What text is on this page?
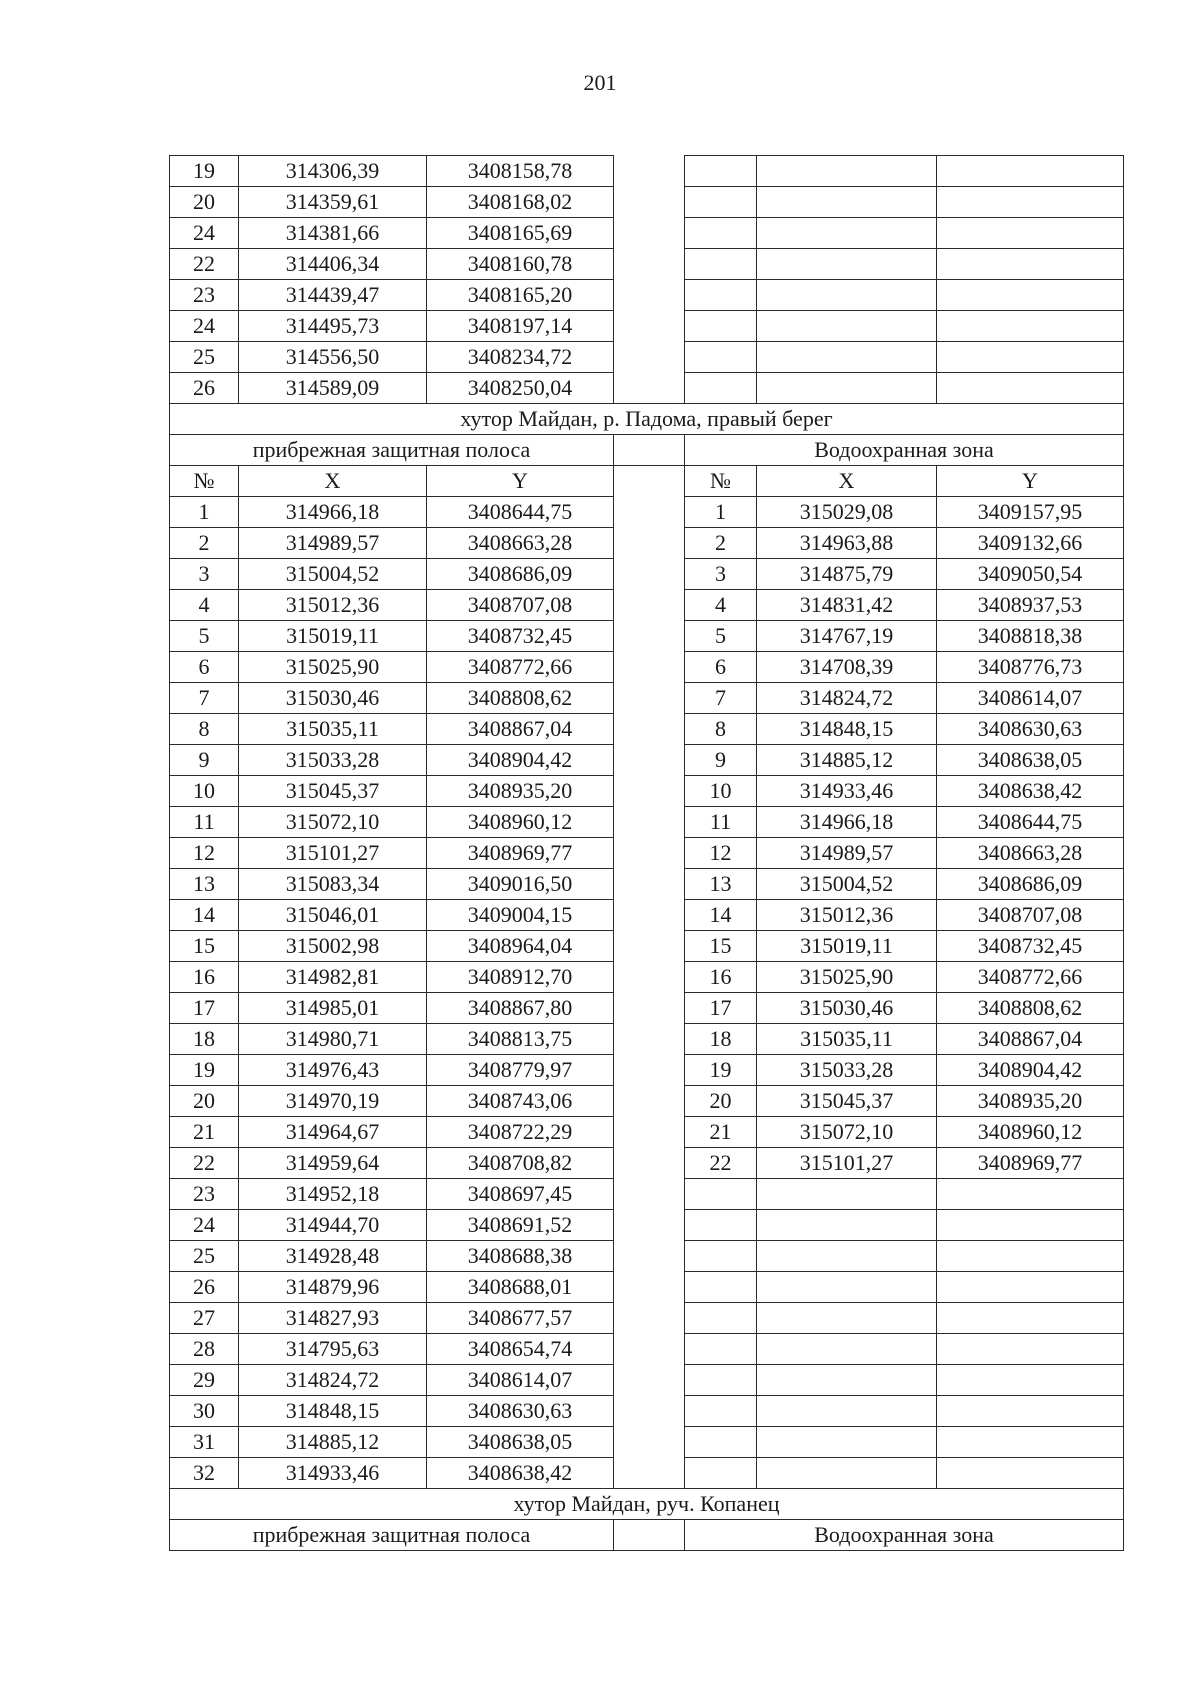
201
19	314306,39	3408158,78				
20	314359,61	3408168,02				
24	314381,66	3408165,69				
22	314406,34	3408160,78				
23	314439,47	3408165,20				
24	314495,73	3408197,14				
25	314556,50	3408234,72				
26	314589,09	3408250,04				
хутор Майдан, р. Падома, правый берег						
прибрежная защитная полоса				Водоохранная зона		
№	X	Y		№	X	Y
1	314966,18	3408644,75		1	315029,08	3409157,95
2	314989,57	3408663,28		2	314963,88	3409132,66
3	315004,52	3408686,09		3	314875,79	3409050,54
4	315012,36	3408707,08		4	314831,42	3408937,53
5	315019,11	3408732,45		5	314767,19	3408818,38
6	315025,90	3408772,66		6	314708,39	3408776,73
7	315030,46	3408808,62		7	314824,72	3408614,07
8	315035,11	3408867,04		8	314848,15	3408630,63
9	315033,28	3408904,42		9	314885,12	3408638,05
10	315045,37	3408935,20		10	314933,46	3408638,42
11	315072,10	3408960,12		11	314966,18	3408644,75
12	315101,27	3408969,77		12	314989,57	3408663,28
13	315083,34	3409016,50		13	315004,52	3408686,09
14	315046,01	3409004,15		14	315012,36	3408707,08
15	315002,98	3408964,04		15	315019,11	3408732,45
16	314982,81	3408912,70		16	315025,90	3408772,66
17	314985,01	3408867,80		17	315030,46	3408808,62
18	314980,71	3408813,75		18	315035,11	3408867,04
19	314976,43	3408779,97		19	315033,28	3408904,42
20	314970,19	3408743,06		20	315045,37	3408935,20
21	314964,67	3408722,29		21	315072,10	3408960,12
22	314959,64	3408708,82		22	315101,27	3408969,77
23	314952,18	3408697,45				
24	314944,70	3408691,52				
25	314928,48	3408688,38				
26	314879,96	3408688,01				
27	314827,93	3408677,57				
28	314795,63	3408654,74				
29	314824,72	3408614,07				
30	314848,15	3408630,63				
31	314885,12	3408638,05				
32	314933,46	3408638,42				
хутор Майдан, руч. Копанец						
прибрежная защитная полоса				Водоохранная зона		
